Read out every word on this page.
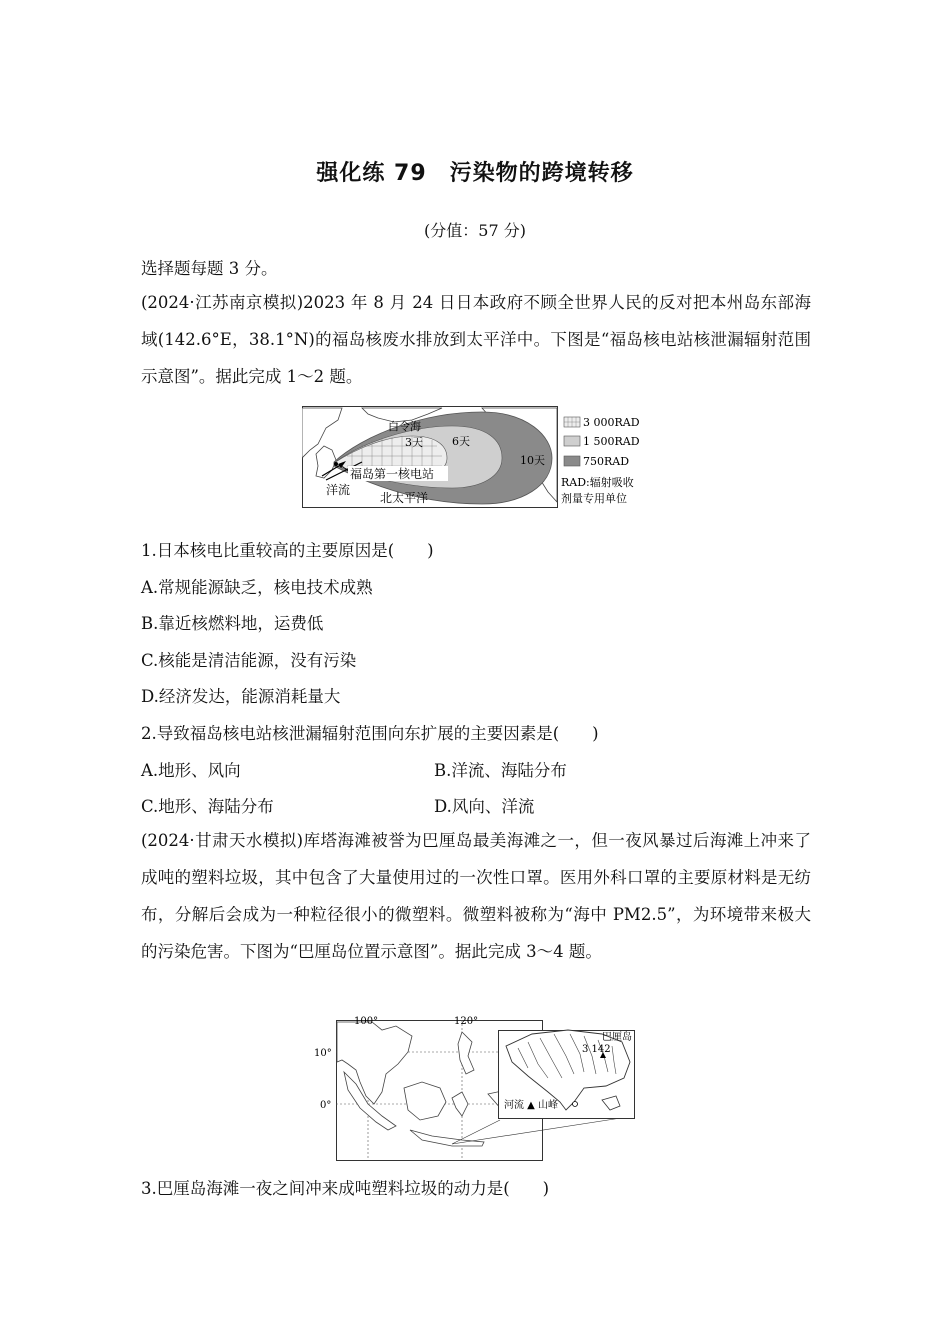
强化练 79　污染物的跨境转移
(分值：57 分)
选择题每题 3 分。
(2024·江苏南京模拟)2023 年 8 月 24 日日本政府不顾全世界人民的反对把本州岛东部海域(142.6°E，38.1°N)的福岛核废水排放到太平洋中。下图是“福岛核电站核泄漏辐射范围示意图”。据此完成 1～2 题。
白令海
3天	6天
10天
福岛第一核电站
洋流
北太平洋
3 000RAD
1 500RAD
750RAD
RAD:辐射吸收
剂量专用单位
1.日本核电比重较高的主要原因是(　　)
A.常规能源缺乏，核电技术成熟
B.靠近核燃料地，运费低
C.核能是清洁能源，没有污染
D.经济发达，能源消耗量大
2.导致福岛核电站核泄漏辐射范围向东扩展的主要因素是(　　)
A.地形、风向	B.洋流、海陆分布
C.地形、海陆分布	D.风向、洋流
(2024·甘肃天水模拟)库塔海滩被誉为巴厘岛最美海滩之一，但一夜风暴过后海滩上冲来了成吨的塑料垃圾，其中包含了大量使用过的一次性口罩。医用外科口罩的主要原材料是无纺布，分解后会成为一种粒径很小的微塑料。微塑料被称为“海中 PM2.5”，为环境带来极大的污染危害。下图为“巴厘岛位置示意图”。据此完成 3～4 题。
100°	120°
10°
0°
巴厘岛
3 142
河流 ▲ 山峰
3.巴厘岛海滩一夜之间冲来成吨塑料垃圾的动力是(　　)
